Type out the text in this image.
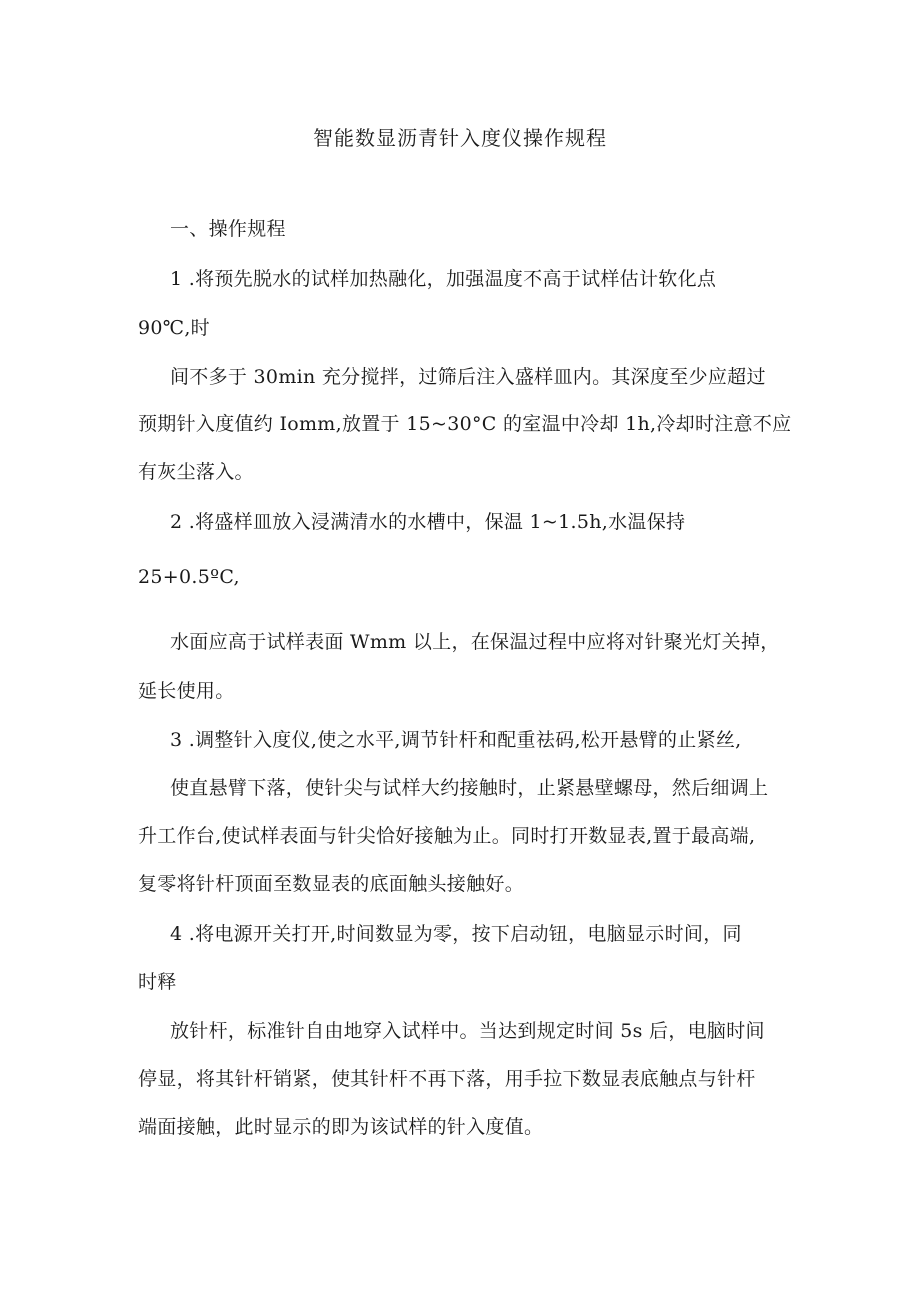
智能数显沥青针入度仪操作规程
一、操作规程
1 .将预先脱水的试样加热融化，加强温度不高于试样估计软化点
90℃,时
间不多于 30min 充分搅拌，过筛后注入盛样皿内。其深度至少应超过
预期针入度值约 Iomm,放置于 15~30°C 的室温中冷却 1h,冷却时注意不应
有灰尘落入。
2 .将盛样皿放入浸满清水的水槽中，保温 1~1.5h,水温保持
25+0.5ºC,
水面应高于试样表面 Wmm 以上，在保温过程中应将对针聚光灯关掉，
延长使用。
3 .调整针入度仪,使之水平,调节针杆和配重祛码,松开悬臂的止紧丝,
使直悬臂下落，使针尖与试样大约接触时，止紧悬壁螺母，然后细调上
升工作台,使试样表面与针尖恰好接触为止。同时打开数显表,置于最高端,
复零将针杆顶面至数显表的底面触头接触好。
4 .将电源开关打开,时间数显为零，按下启动钮，电脑显示时间，同
时释
放针杆，标准针自由地穿入试样中。当达到规定时间 5s 后，电脑时间
停显，将其针杆销紧，使其针杆不再下落，用手拉下数显表底触点与针杆
端面接触，此时显示的即为该试样的针入度值。
